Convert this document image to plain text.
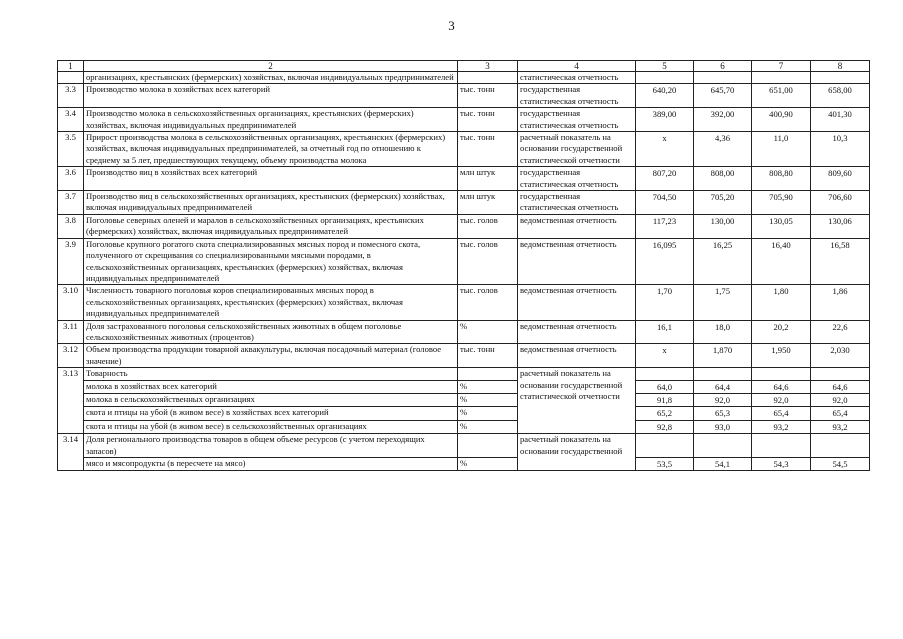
3
1	2	3	4	5	6	7	8
	организациях, крестьянских (фермерских) хозяйствах, включая индивидуальных предпринимателей		статистическая отчетность				
3.3	Производство молока в хозяйствах всех категорий	тыс. тонн	государственная статистическая отчетность	640,20	645,70	651,00	658,00
3.4	Производство молока в сельскохозяйственных организациях, крестьянских (фермерских) хозяйствах, включая индивидуальных предпринимателей	тыс. тонн	государственная статистическая отчетность	389,00	392,00	400,90	401,30
3.5	Прирост производства молока в сельскохозяйственных организациях, крестьянских (фермерских) хозяйствах, включая индивидуальных предпринимателей, за отчетный год по отношению к среднему за 5 лет, предшествующих текущему, объему производства молока	тыс. тонн	расчетный показатель на основании государственной статистической отчетности	х	4,36	11,0	10,3
3.6	Производство яиц в хозяйствах всех категорий	млн штук	государственная статистическая отчетность	807,20	808,00	808,80	809,60
3.7	Производство яиц в сельскохозяйственных организациях, крестьянских (фермерских) хозяйствах, включая индивидуальных предпринимателей	млн штук	государственная статистическая отчетность	704,50	705,20	705,90	706,60
3.8	Поголовье северных оленей и маралов в сельскохозяйственных организациях, крестьянских (фермерских) хозяйствах, включая индивидуальных предпринимателей	тыс. голов	ведомственная отчетность	117,23	130,00	130,05	130,06
3.9	Поголовье крупного рогатого скота специализированных мясных пород и помесного скота, полученного от скрещивания со специализированными мясными породами, в сельскохозяйственных организациях, крестьянских (фермерских) хозяйствах, включая индивидуальных предпринимателей	тыс. голов	ведомственная отчетность	16,095	16,25	16,40	16,58
3.10	Численность товарного поголовья коров специализированных мясных пород в сельскохозяйственных организациях, крестьянских (фермерских) хозяйствах, включая индивидуальных предпринимателей	тыс. голов	ведомственная отчетность	1,70	1,75	1,80	1,86
3.11	Доля застрахованного поголовья сельскохозяйственных животных в общем поголовье сельскохозяйственных животных (процентов)	%	ведомственная отчетность	16,1	18,0	20,2	22,6
3.12	Объем производства продукции товарной аквакультуры, включая посадочный материал (головое значение)	тыс. тонн	ведомственная отчетность	х	1,870	1,950	2,030
3.13	Товарность		расчетный показатель на основании государственной статистической отчетности				
	молока в хозяйствах всех категорий	%		64,0	64,4	64,6	64,6
	молока в сельскохозяйственных организациях	%		91,8	92,0	92,0	92,0
	скота и птицы на убой (в живом весе) в хозяйствах всех категорий	%		65,2	65,3	65,4	65,4
	скота и птицы на убой (в живом весе) в сельскохозяйственных организациях	%		92,8	93,0	93,2	93,2
3.14	Доля регионального производства товаров в общем объеме ресурсов (с учетом переходящих запасов)		расчетный показатель на основании государственной				
	мясо и мясопродукты (в пересчете на мясо)	%		53,5	54,1	54,3	54,5
